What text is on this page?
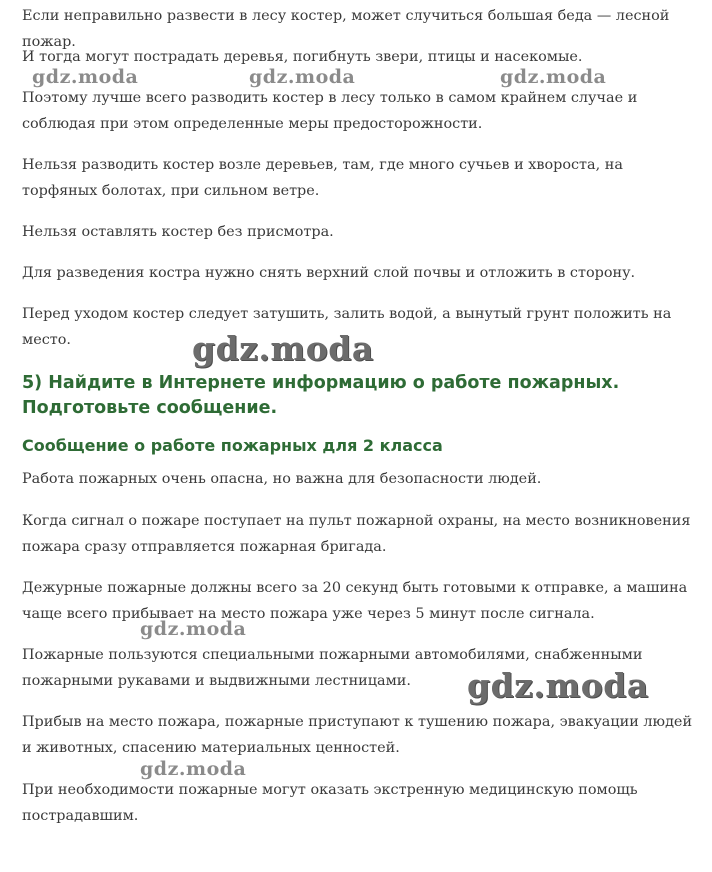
Если неправильно развести в лесу костер, может случиться большая беда — лесной пожар.

И тогда могут пострадать деревья, погибнуть звери, птицы и насекомые.

Поэтому лучше всего разводить костер в лесу только в самом крайнем случае и соблюдая при этом определенные меры предосторожности.

Нельзя разводить костер возле деревьев, там, где много сучьев и хвороста, на торфяных болотах, при сильном ветре.

Нельзя оставлять костер без присмотра.

Для разведения костра нужно снять верхний слой почвы и отложить в сторону.

Перед уходом костер следует затушить, залить водой, а вынутый грунт положить на место.

5) Найдите в Интернете информацию о работе пожарных. Подготовьте сообщение.
Сообщение о работе пожарных для 2 класса

Работа пожарных очень опасна, но важна для безопасности людей.

Когда сигнал о пожаре поступает на пульт пожарной охраны, на место возникновения пожара сразу отправляется пожарная бригада.

Дежурные пожарные должны всего за 20 секунд быть готовыми к отправке, а машина чаще всего прибывает на место пожара уже через 5 минут после сигнала.

Пожарные пользуются специальными пожарными автомобилями, снабженными пожарными рукавами и выдвижными лестницами.

Прибыв на место пожара, пожарные приступают к тушению пожара, эвакуации людей и животных, спасению материальных ценностей.

При необходимости пожарные могут оказать экстренную медицинскую помощь пострадавшим.

gdz.moda	gdz.moda	gdz.moda
gdz.moda
gdz.moda
gdz.moda
gdz.moda
